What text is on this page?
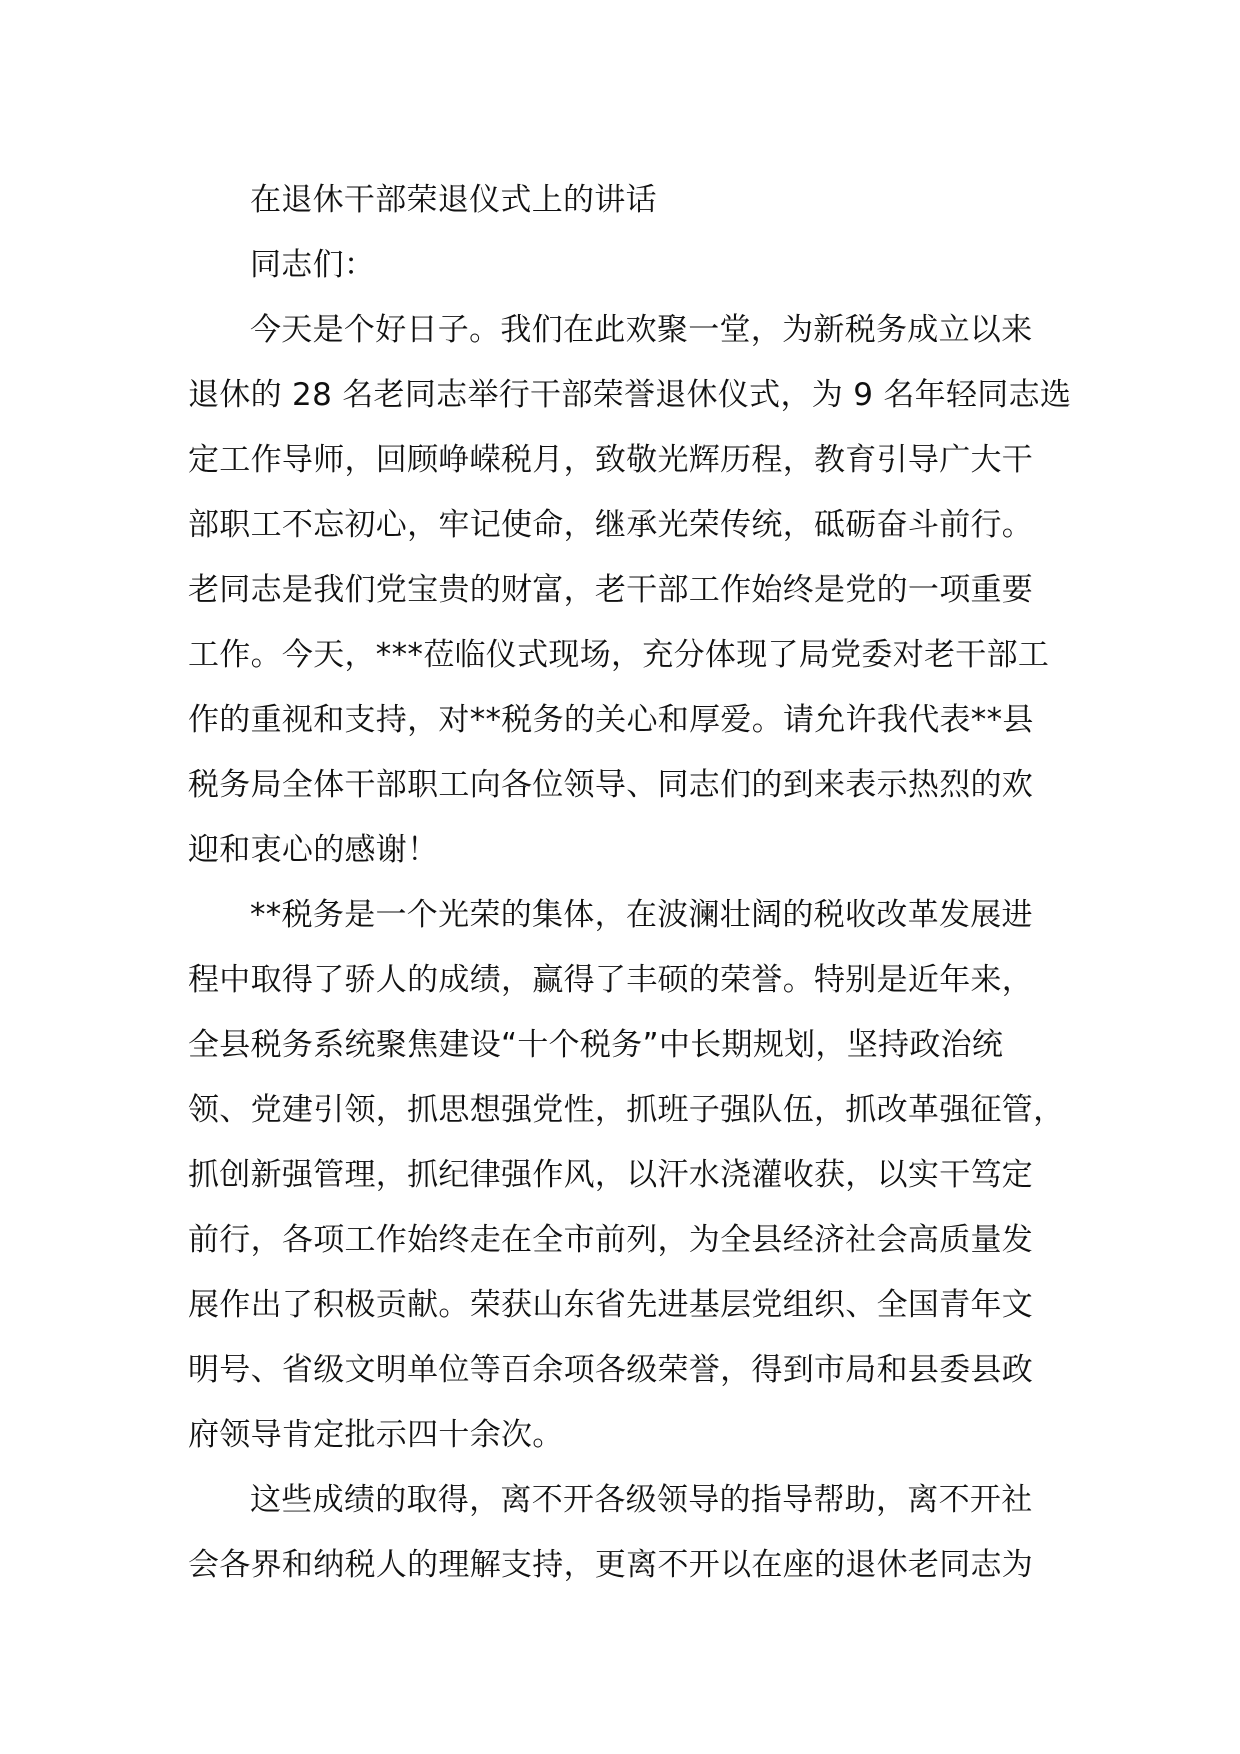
在退休干部荣退仪式上的讲话
同志们：
今天是个好日子。我们在此欢聚一堂，为新税务成立以来
退休的 28 名老同志举行干部荣誉退休仪式，为 9 名年轻同志选
定工作导师，回顾峥嵘税月，致敬光辉历程，教育引导广大干
部职工不忘初心，牢记使命，继承光荣传统，砥砺奋斗前行。
老同志是我们党宝贵的财富，老干部工作始终是党的一项重要
工作。今天，***莅临仪式现场，充分体现了局党委对老干部工
作的重视和支持，对**税务的关心和厚爱。请允许我代表**县
税务局全体干部职工向各位领导、同志们的到来表示热烈的欢
迎和衷心的感谢！
**税务是一个光荣的集体，在波澜壮阔的税收改革发展进
程中取得了骄人的成绩，赢得了丰硕的荣誉。特别是近年来，
全县税务系统聚焦建设“十个税务”中长期规划，坚持政治统
领、党建引领，抓思想强党性，抓班子强队伍，抓改革强征管，
抓创新强管理，抓纪律强作风，以汗水浇灌收获，以实干笃定
前行，各项工作始终走在全市前列，为全县经济社会高质量发
展作出了积极贡献。荣获山东省先进基层党组织、全国青年文
明号、省级文明单位等百余项各级荣誉，得到市局和县委县政
府领导肯定批示四十余次。
这些成绩的取得，离不开各级领导的指导帮助，离不开社
会各界和纳税人的理解支持，更离不开以在座的退休老同志为
